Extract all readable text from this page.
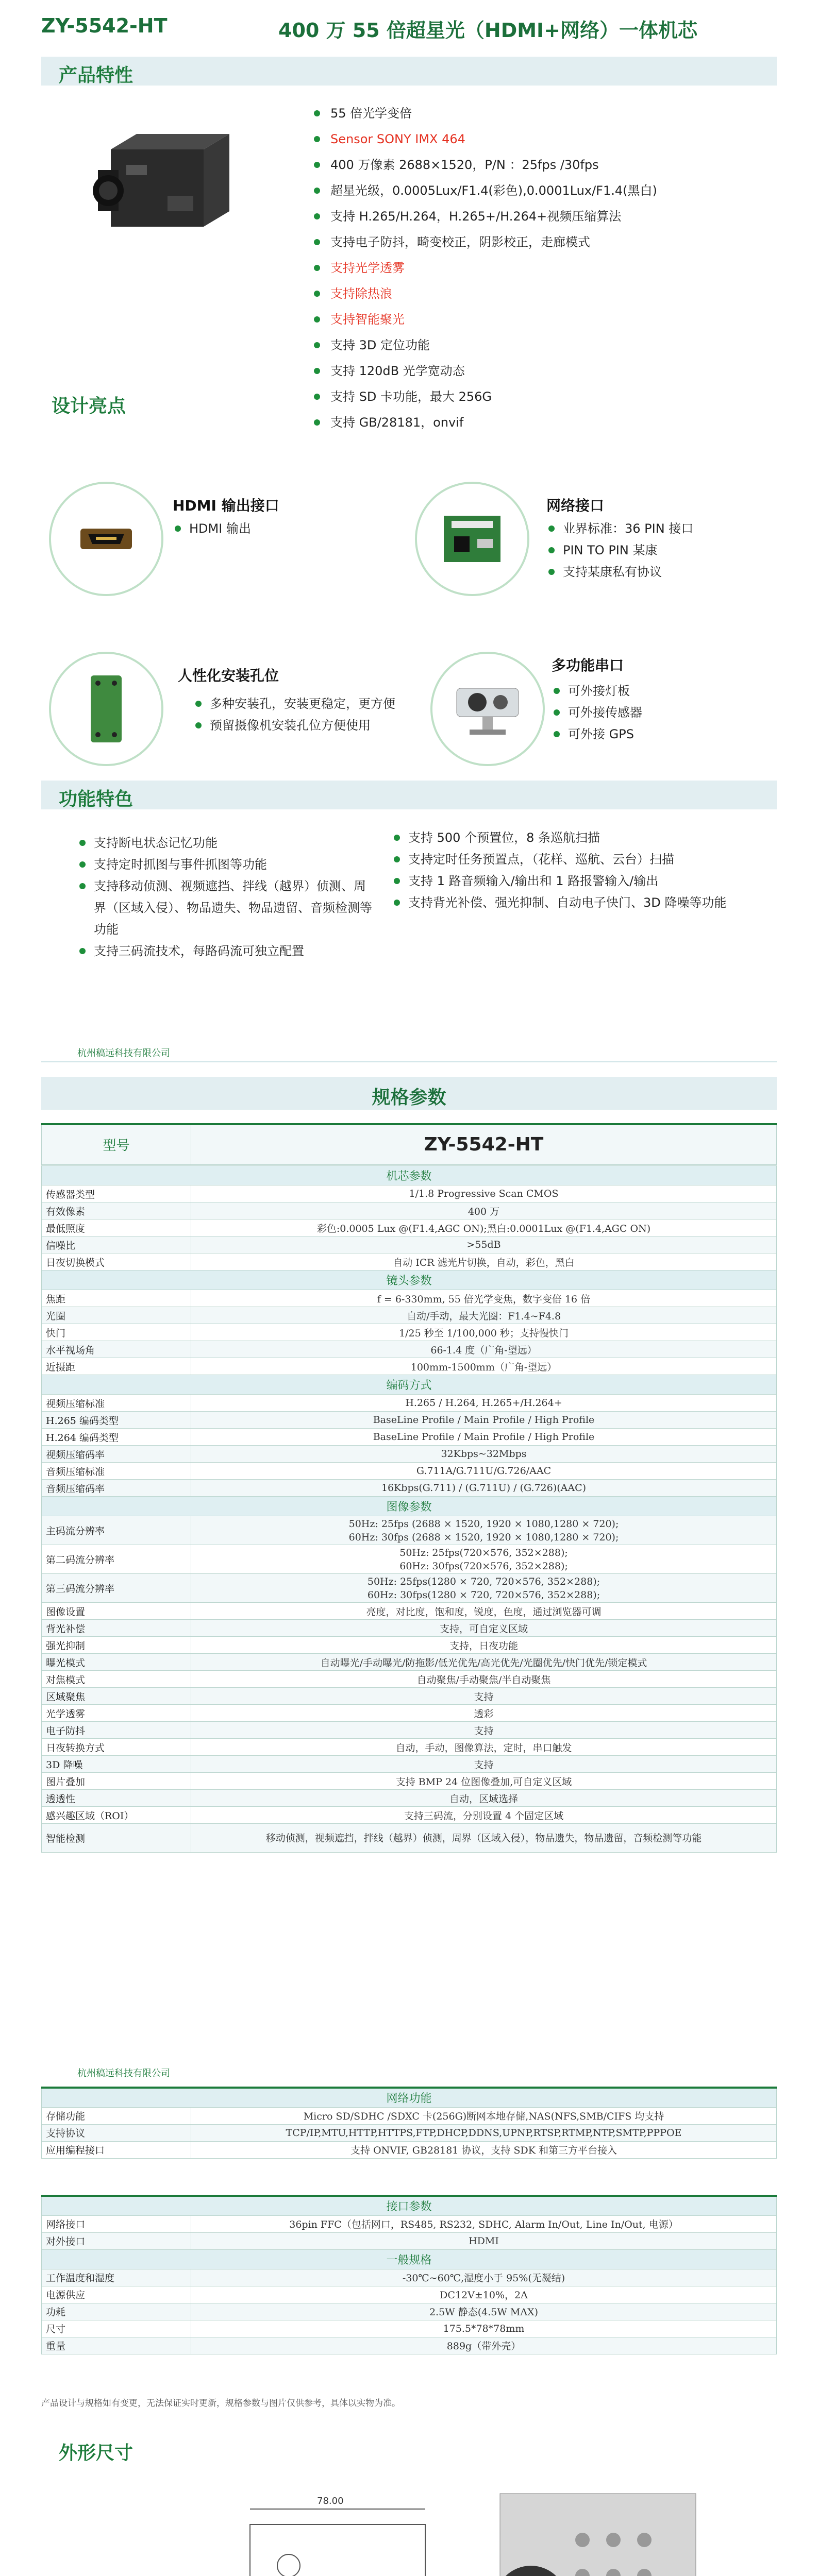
ZY-5542-HT	400 万 55 倍超星光（HDMI+网络）一体机芯
产品特性
设计亮点
55 倍光学变倍
Sensor SONY IMX 464
400 万像素 2688×1520，P/N ：25fps /30fps
超星光级，0.0005Lux/F1.4(彩色),0.0001Lux/F1.4(黑白)
支持 H.265/H.264，H.265+/H.264+视频压缩算法
支持电子防抖，畸变校正，阴影校正，走廊模式
支持光学透雾
支持除热浪
支持智能聚光
支持 3D 定位功能
支持 120dB 光学宽动态
支持 SD 卡功能，最大 256G
支持 GB/28181，onvif
HDMI 输出接口
HDMI 输出
网络接口
业界标准：36 PIN 接口
PIN TO PIN 某康
支持某康私有协议
人性化安装孔位
多种安装孔，安装更稳定，更方便
预留摄像机安装孔位方便使用
多功能串口
可外接灯板
可外接传感器
可外接 GPS
功能特色
支持断电状态记忆功能
支持定时抓图与事件抓图等功能
支持移动侦测、视频遮挡、拌线（越界）侦测、周界（区域入侵）、物品遗失、物品遗留、音频检测等功能
支持三码流技术，每路码流可独立配置
支持 500 个预置位，8 条巡航扫描
支持定时任务预置点，（花样、巡航、云台）扫描
支持 1 路音频输入/输出和 1 路报警输入/输出
支持背光补偿、强光抑制、自动电子快门、3D 降噪等功能
杭州稿远科技有限公司
规格参数
型号	ZY-5542-HT
机芯参数	
传感器类型	1/1.8 Progressive Scan CMOS
有效像素	400 万
最低照度	彩色:0.0005 Lux @(F1.4,AGC ON);黑白:0.0001Lux @(F1.4,AGC ON)
信噪比	>55dB
日夜切换模式	自动 ICR 滤光片切换，自动，彩色，黑白
镜头参数	
焦距	f = 6-330mm, 55 倍光学变焦，数字变倍 16 倍
光圈	自动/手动，最大光圈：F1.4~F4.8
快门	1/25 秒至 1/100,000 秒；支持慢快门
水平视场角	66-1.4 度（广角-望远）
近摄距	100mm-1500mm（广角-望远）
编码方式	
视频压缩标准	H.265 / H.264, H.265+/H.264+
H.265 编码类型	BaseLine Profile / Main Profile / High Profile
H.264 编码类型	BaseLine Profile / Main Profile / High Profile
视频压缩码率	32Kbps~32Mbps
音频压缩标准	G.711A/G.711U/G.726/AAC
音频压缩码率	16Kbps(G.711) / (G.711U) / (G.726)(AAC)
图像参数	
主码流分辨率	50Hz: 25fps (2688 × 1520, 1920 × 1080,1280 × 720);
60Hz: 30fps (2688 × 1520, 1920 × 1080,1280 × 720);
第二码流分辨率	50Hz: 25fps(720×576, 352×288);
60Hz: 30fps(720×576, 352×288);
第三码流分辨率	50Hz: 25fps(1280 × 720, 720×576, 352×288);
60Hz: 30fps(1280 × 720, 720×576, 352×288);
图像设置	亮度，对比度，饱和度，锐度，色度，通过浏览器可调
背光补偿	支持，可自定义区域
强光抑制	支持，日夜功能
曝光模式	自动曝光/手动曝光/防拖影/低光优先/高光优先/光圈优先/快门优先/锁定模式
对焦模式	自动聚焦/手动聚焦/半自动聚焦
区域聚焦	支持
光学透雾	透彩
电子防抖	支持
日夜转换方式	自动，手动，图像算法，定时，串口触发
3D 降噪	支持
图片叠加	支持 BMP 24 位图像叠加,可自定义区域
透透性	自动，区域选择
感兴趣区域（ROI）	支持三码流，分别设置 4 个固定区域
智能检测	移动侦测，视频遮挡，拌线（越界）侦测，周界（区域入侵），物品遗失，物品遗留，音频检测等功能
杭州稿远科技有限公司
网络功能	
存储功能	Micro SD/SDHC /SDXC 卡(256G)断网本地存储,NAS(NFS,SMB/CIFS 均支持
支持协议	TCP/IP,MTU,HTTP,HTTPS,FTP,DHCP,DDNS,UPNP,RTSP,RTMP,NTP,SMTP,PPPOE
应用编程接口	支持 ONVIF, GB28181 协议，支持 SDK 和第三方平台接入
接口参数	
网络接口	36pin FFC（包括网口，RS485, RS232, SDHC, Alarm In/Out, Line In/Out, 电源）
对外接口	HDMI
一般规格	
工作温度和湿度	-30℃~60℃,湿度小于 95%(无凝结)
电源供应	DC12V±10%，2A
功耗	2.5W 静态(4.5W MAX)
尺寸	175.5*78*78mm
重量	889g（带外壳）
产品设计与规格如有变更，无法保证实时更新，规格参数与图片仅供参考，具体以实物为准。
外形尺寸
78.00
